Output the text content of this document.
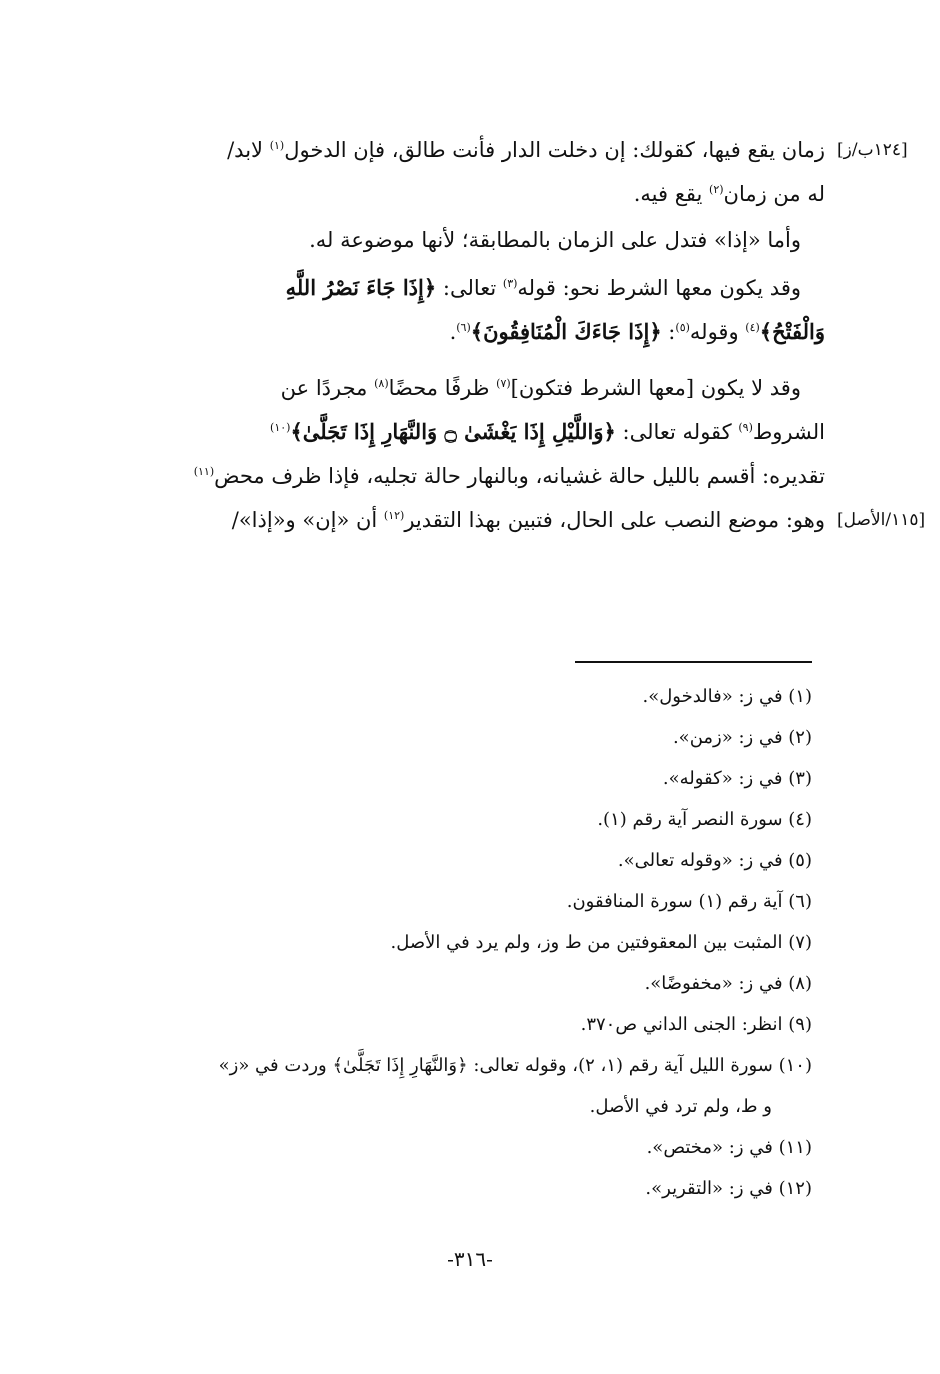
[١٢٤ب/ز]
زمان يقع فيها، كقولك: إن دخلت الدار فأنت طالق، فإن الدخول$^{(١)}$ لابد/
له من زمان$^{(٢)}$ يقع فيه.
وأما «إذا» فتدل على الزمان بالمطابقة؛ لأنها موضوعة له.
وقد يكون معها الشرط نحو: قوله$^{(٣)}$ تعالى: ﴿إِذَا جَاءَ نَصْرُ اللَّهِ
وَالْفَتْحُ﴾$^{(٤)}$ وقوله$^{(٥)}$: ﴿إِذَا جَاءَكَ الْمُنَافِقُونَ﴾$^{(٦)}$.
وقد لا يكون [معها الشرط فتكون]$^{(٧)}$ ظرفًا محضًا$^{(٨)}$ مجردًا عن
الشروط$^{(٩)}$ كقوله تعالى: ﴿وَاللَّيْلِ إِذَا يَغْشَىٰ ۝ وَالنَّهَارِ إِذَا تَجَلَّىٰ﴾$^{(١٠)}$
تقديره: أقسم بالليل حالة غشيانه، وبالنهار حالة تجليه، فإذا ظرف محض$^{(١١)}$
[١١٥/الأصل]
وهو: موضع النصب على الحال، فتبين بهذا التقدير$^{(١٢)}$ أن «إن» و«إذا»/
(١) في ز: «فالدخول».
(٢) في ز: «زمن».
(٣) في ز: «كقوله».
(٤) سورة النصر آية رقم (١).
(٥) في ز: «وقوله تعالى».
(٦) آية رقم (١) سورة المنافقون.
(٧) المثبت بين المعقوفتين من ط وز، ولم يرد في الأصل.
(٨) في ز: «مخفوضًا».
(٩) انظر: الجنى الداني ص٣٧٠.
(١٠) سورة الليل آية رقم (١، ٢)، وقوله تعالى: ﴿وَالنَّهَارِ إِذَا تَجَلَّىٰ﴾ وردت في «ز»
و ط، ولم ترد في الأصل.
(١١) في ز: «مختص».
(١٢) في ز: «التقرير».
-٣١٦-
